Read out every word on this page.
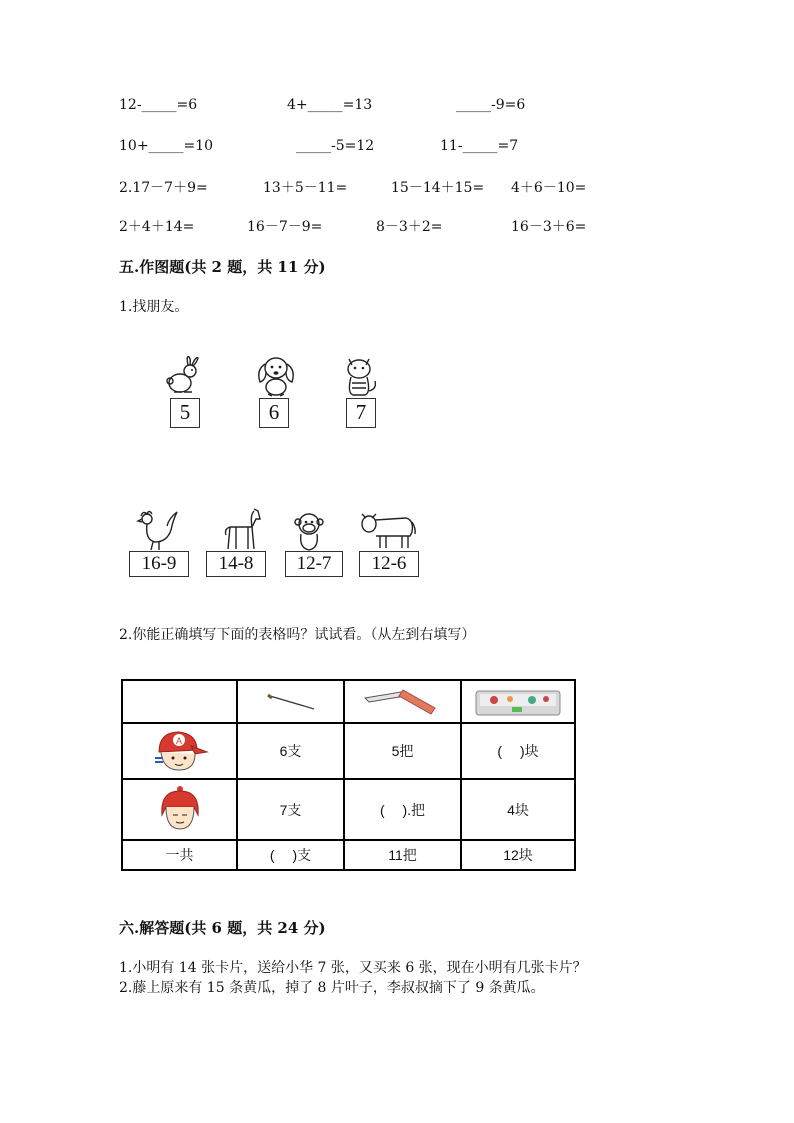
12-_____=6	4+_____=13	_____-9=6
10+_____=10	_____-5=12	11-_____=7
2.17－7＋9=	13＋5－11=	15－14＋15= 4＋6－10=
2＋4＋14=	16－7－9=	8－3＋2=	16－3＋6=
五.作图题(共 2 题，共 11 分)
1.找朋友。
5	6	7
16-9	14-8	12-7	12-6
2.你能正确填写下面的表格吗？试试看。（从左到右填写）

A	6支	5把	(　 )块

	7支	(　 ).把	4块
一共	(　 )支	11把	12块
六.解答题(共 6 题，共 24 分)
1.小明有 14 张卡片，送给小华 7 张，又买来 6 张，现在小明有几张卡片？
2.藤上原来有 15 条黄瓜，掉了 8 片叶子，李叔叔摘下了 9 条黄瓜。
